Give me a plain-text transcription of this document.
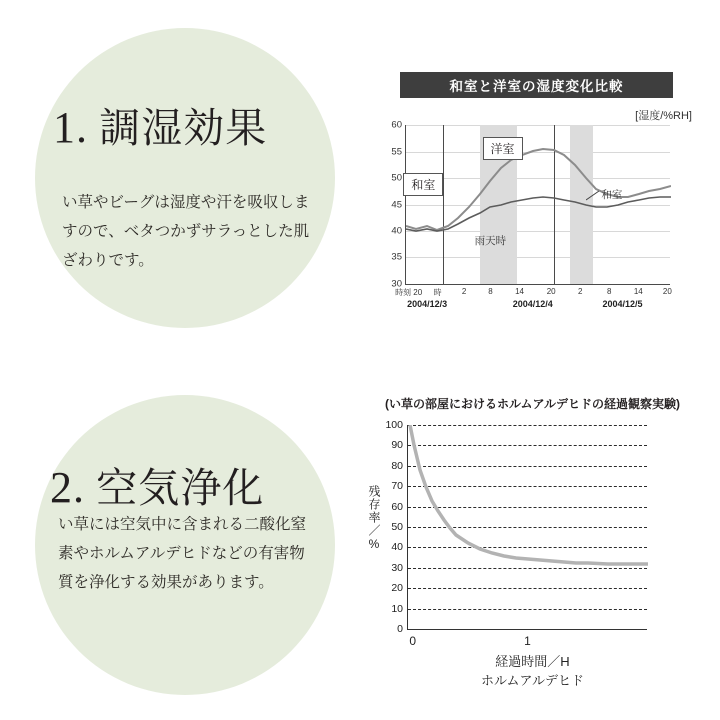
1. 調湿効果
い草やビーグは湿度や汗を吸収しますので、ベタつかずサラっとした肌ざわりです。
和室と洋室の湿度変化比較
[湿度/%RH]
60
55
50
45
40
35
30
和室
洋室
雨天時
和室
時刻 20 時	2	8	14	20	2	8	14	20
2004/12/3	2004/12/4	2004/12/5
2. 空気浄化
い草には空気中に含まれる二酸化窒素やホルムアルデヒドなどの有害物質を浄化する効果があります。
(い草の部屋におけるホルムアルデヒドの経過観察実験)
残存率／%
100
90
80
70
60
50
40
30
20
10
0
0	1
経過時間／H
ホルムアルデヒド
